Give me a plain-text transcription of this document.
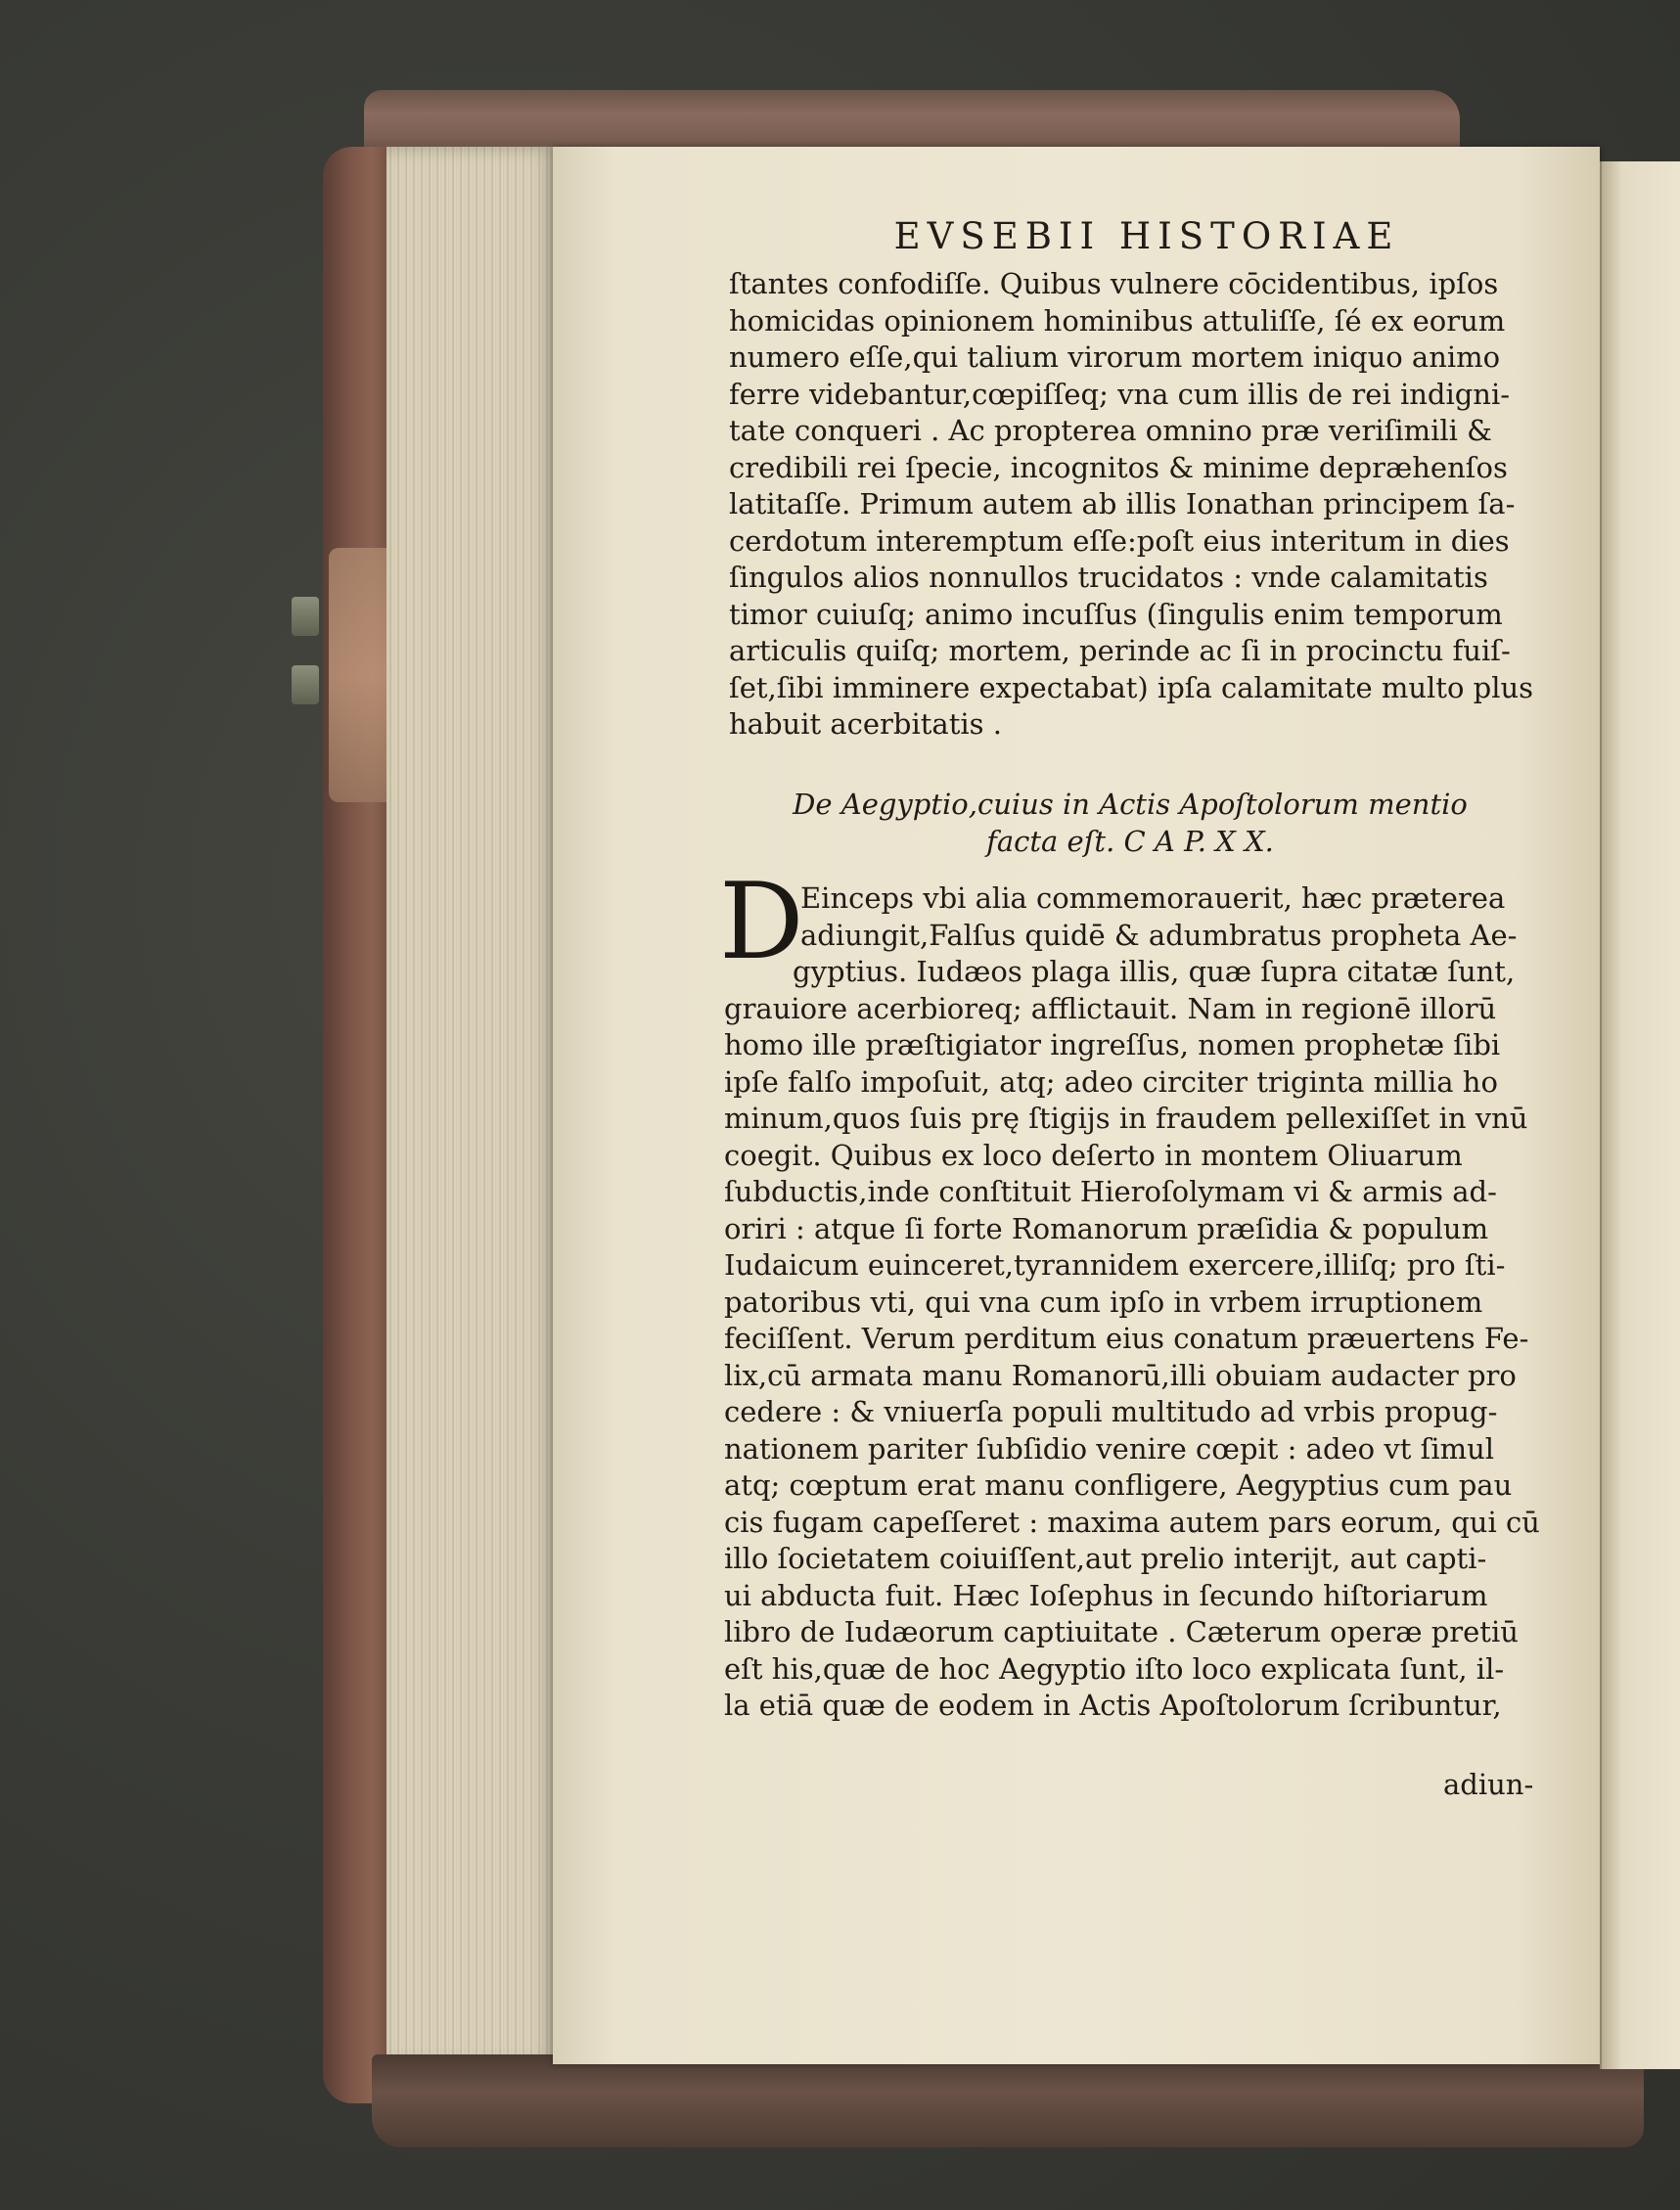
EVSEBII HISTORIAE
ſtantes confodiſſe. Quibus vulnere cōcidentibus, ipſos
homicidas opinionem hominibus attuliſſe, ſé ex eorum
numero eſſe,qui talium virorum mortem iniquo animo
ferre videbantur,cœpiſſeq; vna cum illis de rei indigni-
tate conqueri . Ac propterea omnino præ veriſimili &
credibili rei ſpecie, incognitos & minime depræhenſos
latitaſſe. Primum autem ab illis Ionathan principem ſa-
cerdotum interemptum eſſe:poſt eius interitum in dies
ſingulos alios nonnullos trucidatos : vnde calamitatis
timor cuiuſq; animo incuſſus (ſingulis enim temporum
articulis quiſq; mortem, perinde ac ſi in procinctu fuiſ-
ſet,ſibi imminere expectabat) ipſa calamitate multo plus
habuit acerbitatis .
De Aegyptio,cuius in Actis Apoſtolorum mentio
facta eſt. C A P. X X.
D
Einceps vbi alia commemorauerit, hæc præterea
adiungit,Falſus quidē & adumbratus propheta Ae-
gyptius. Iudæos plaga illis, quæ ſupra citatæ ſunt,
grauiore acerbioreq; afflictauit. Nam in regionē illorū
homo ille præſtigiator ingreſſus, nomen prophetæ ſibi
ipſe falſo impoſuit, atq; adeo circiter triginta millia ho
minum,quos ſuis prę ſtigijs in fraudem pellexiſſet in vnū
coegit. Quibus ex loco deſerto in montem Oliuarum
ſubductis,inde conſtituit Hieroſolymam vi & armis ad-
oriri : atque ſi forte Romanorum præſidia & populum
Iudaicum euinceret,tyrannidem exercere,illiſq; pro ſti-
patoribus vti, qui vna cum ipſo in vrbem irruptionem
feciſſent. Verum perditum eius conatum præuertens Fe-
lix,cū armata manu Romanorū,illi obuiam audacter pro
cedere : & vniuerſa populi multitudo ad vrbis propug-
nationem pariter ſubſidio venire cœpit : adeo vt ſimul
atq; cœptum erat manu confligere, Aegyptius cum pau
cis fugam capeſſeret : maxima autem pars eorum, qui cū
illo ſocietatem coiuiſſent,aut prelio interijt, aut capti-
ui abducta fuit. Hæc Ioſephus in ſecundo hiſtoriarum
libro de Iudæorum captiuitate . Cæterum operæ pretiū
eſt his,quæ de hoc Aegyptio iſto loco explicata ſunt, il-
la etiā quæ de eodem in Actis Apoſtolorum ſcribuntur,
adiun-
